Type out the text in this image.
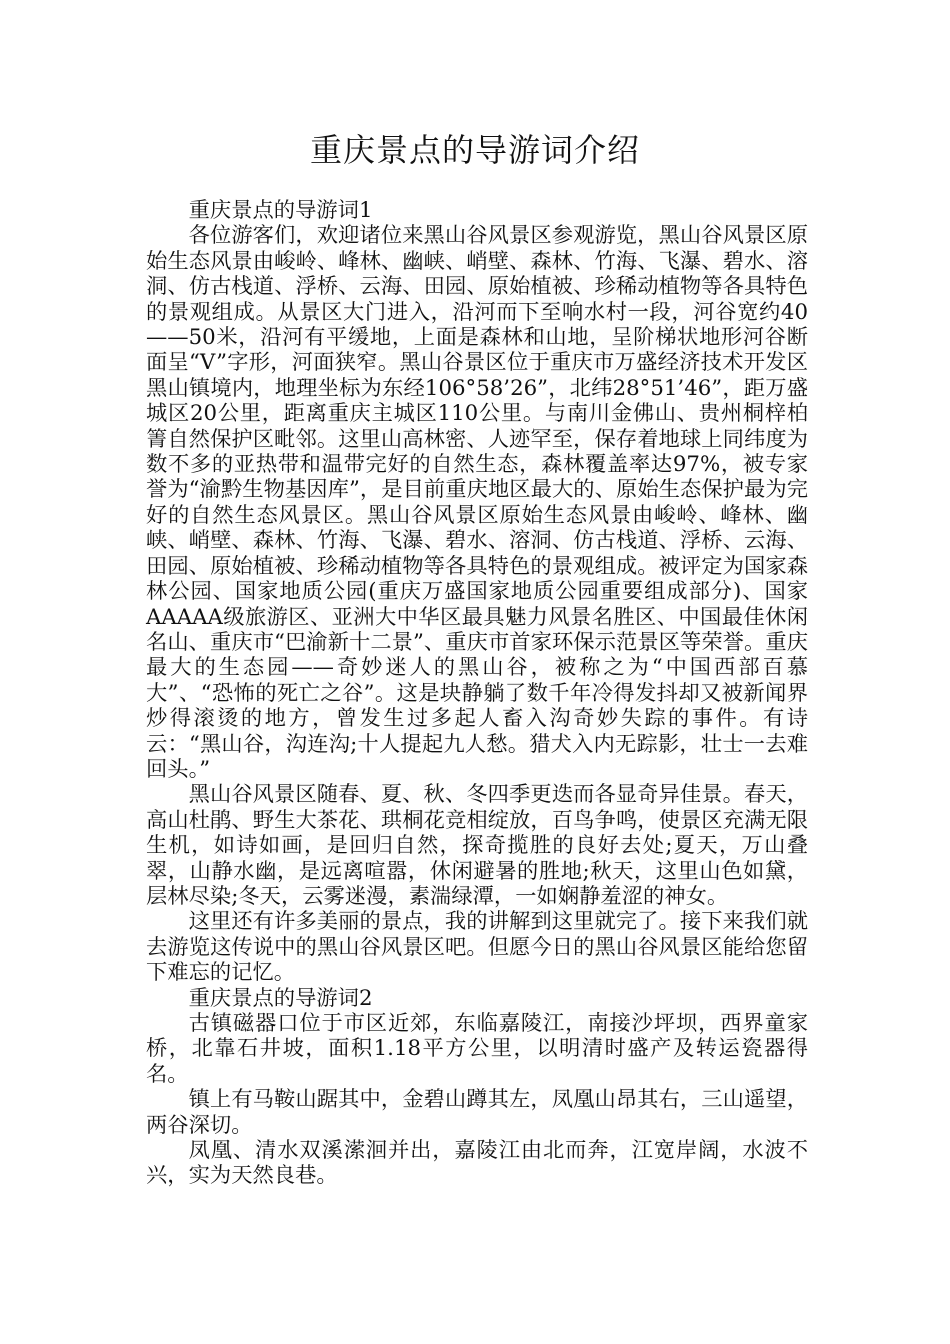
重庆景点的导游词介绍

重庆景点的导游词1

各位游客们，欢迎诸位来黑山谷风景区参观游览，黑山谷风景区原始生态风景由峻岭、峰林、幽峡、峭壁、森林、竹海、飞瀑、碧水、溶洞、仿古栈道、浮桥、云海、田园、原始植被、珍稀动植物等各具特色的景观组成。从景区大门进入，沿河而下至响水村一段，河谷宽约40——50米，沿河有平缓地，上面是森林和山地，呈阶梯状地形河谷断面呈“V”字形，河面狭窄。黑山谷景区位于重庆市万盛经济技术开发区黑山镇境内，地理坐标为东经106°58’26”，北纬28°51’46”，距万盛城区20公里，距离重庆主城区110公里。与南川金佛山、贵州桐梓柏箐自然保护区毗邻。这里山高林密、人迹罕至，保存着地球上同纬度为数不多的亚热带和温带完好的自然生态，森林覆盖率达97%，被专家誉为“渝黔生物基因库”，是目前重庆地区最大的、原始生态保护最为完好的自然生态风景区。黑山谷风景区原始生态风景由峻岭、峰林、幽峡、峭壁、森林、竹海、飞瀑、碧水、溶洞、仿古栈道、浮桥、云海、田园、原始植被、珍稀动植物等各具特色的景观组成。被评定为国家森林公园、国家地质公园(重庆万盛国家地质公园重要组成部分)、国家AAAAA级旅游区、亚洲大中华区最具魅力风景名胜区、中国最佳休闲名山、重庆市“巴渝新十二景”、重庆市首家环保示范景区等荣誉。重庆最大的生态园——奇妙迷人的黑山谷，被称之为“中国西部百慕大”、“恐怖的死亡之谷”。这是块静躺了数千年冷得发抖却又被新闻界炒得滚烫的地方，曾发生过多起人畜入沟奇妙失踪的事件。有诗云：“黑山谷，沟连沟;十人提起九人愁。猎犬入内无踪影，壮士一去难回头。”

黑山谷风景区随春、夏、秋、冬四季更迭而各显奇异佳景。春天，高山杜鹃、野生大茶花、珙桐花竞相绽放，百鸟争鸣，使景区充满无限生机，如诗如画，是回归自然，探奇揽胜的良好去处;夏天，万山叠翠，山静水幽，是远离喧嚣，休闲避暑的胜地;秋天，这里山色如黛，层林尽染;冬天，云雾迷漫，素湍绿潭，一如娴静羞涩的神女。

这里还有许多美丽的景点，我的讲解到这里就完了。接下来我们就去游览这传说中的黑山谷风景区吧。但愿今日的黑山谷风景区能给您留下难忘的记忆。

重庆景点的导游词2

古镇磁器口位于市区近郊，东临嘉陵江，南接沙坪坝，西界童家桥，北靠石井坡，面积1.18平方公里，以明清时盛产及转运瓷器得名。

镇上有马鞍山踞其中，金碧山蹲其左，凤凰山昂其右，三山遥望，两谷深切。

凤凰、清水双溪潆洄并出，嘉陵江由北而奔，江宽岸阔，水波不兴，实为天然良巷。
